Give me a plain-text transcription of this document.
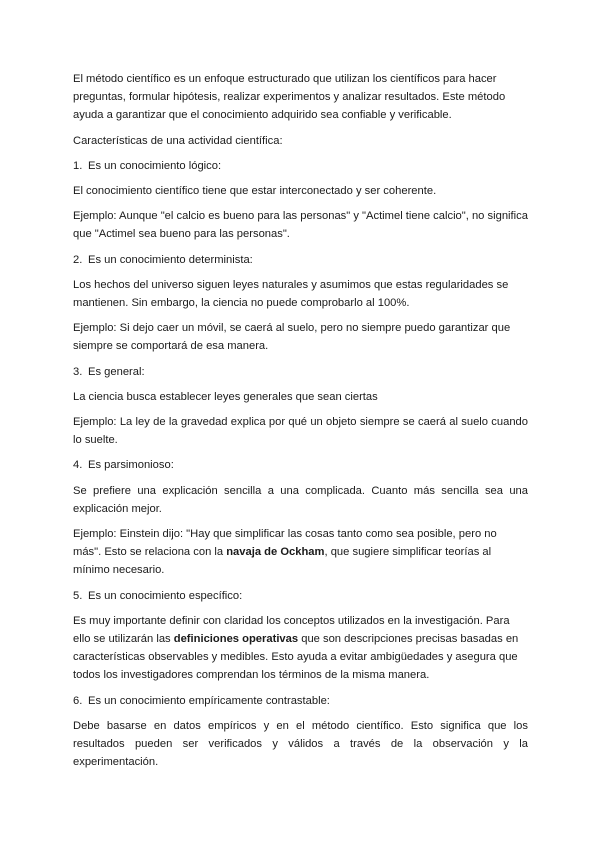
El método científico es un enfoque estructurado que utilizan los científicos para hacer preguntas, formular hipótesis, realizar experimentos y analizar resultados. Este método ayuda a garantizar que el conocimiento adquirido sea confiable y verificable.

Características de una actividad científica:

1. Es un conocimiento lógico:

El conocimiento científico tiene que estar interconectado y ser coherente.

Ejemplo: Aunque "el calcio es bueno para las personas" y "Actimel tiene calcio", no significa que "Actimel sea bueno para las personas".

2. Es un conocimiento determinista:

Los hechos del universo siguen leyes naturales y asumimos que estas regularidades se mantienen. Sin embargo, la ciencia no puede comprobarlo al 100%.

Ejemplo: Si dejo caer un móvil, se caerá al suelo, pero no siempre puedo garantizar que siempre se comportará de esa manera.

3. Es general:

La ciencia busca establecer leyes generales que sean ciertas

Ejemplo: La ley de la gravedad explica por qué un objeto siempre se caerá al suelo cuando lo suelte.

4. Es parsimonioso:

Se prefiere una explicación sencilla a una complicada. Cuanto más sencilla sea una explicación mejor.

Ejemplo: Einstein dijo: "Hay que simplificar las cosas tanto como sea posible, pero no más". Esto se relaciona con la navaja de Ockham, que sugiere simplificar teorías al mínimo necesario.

5. Es un conocimiento específico:

Es muy importante definir con claridad los conceptos utilizados en la investigación. Para ello se utilizarán las definiciones operativas que son descripciones precisas basadas en características observables y medibles. Esto ayuda a evitar ambigüedades y asegura que todos los investigadores comprendan los términos de la misma manera.

6. Es un conocimiento empíricamente contrastable:

Debe basarse en datos empíricos y en el método científico. Esto significa que los resultados pueden ser verificados y válidos a través de la observación y la experimentación.
